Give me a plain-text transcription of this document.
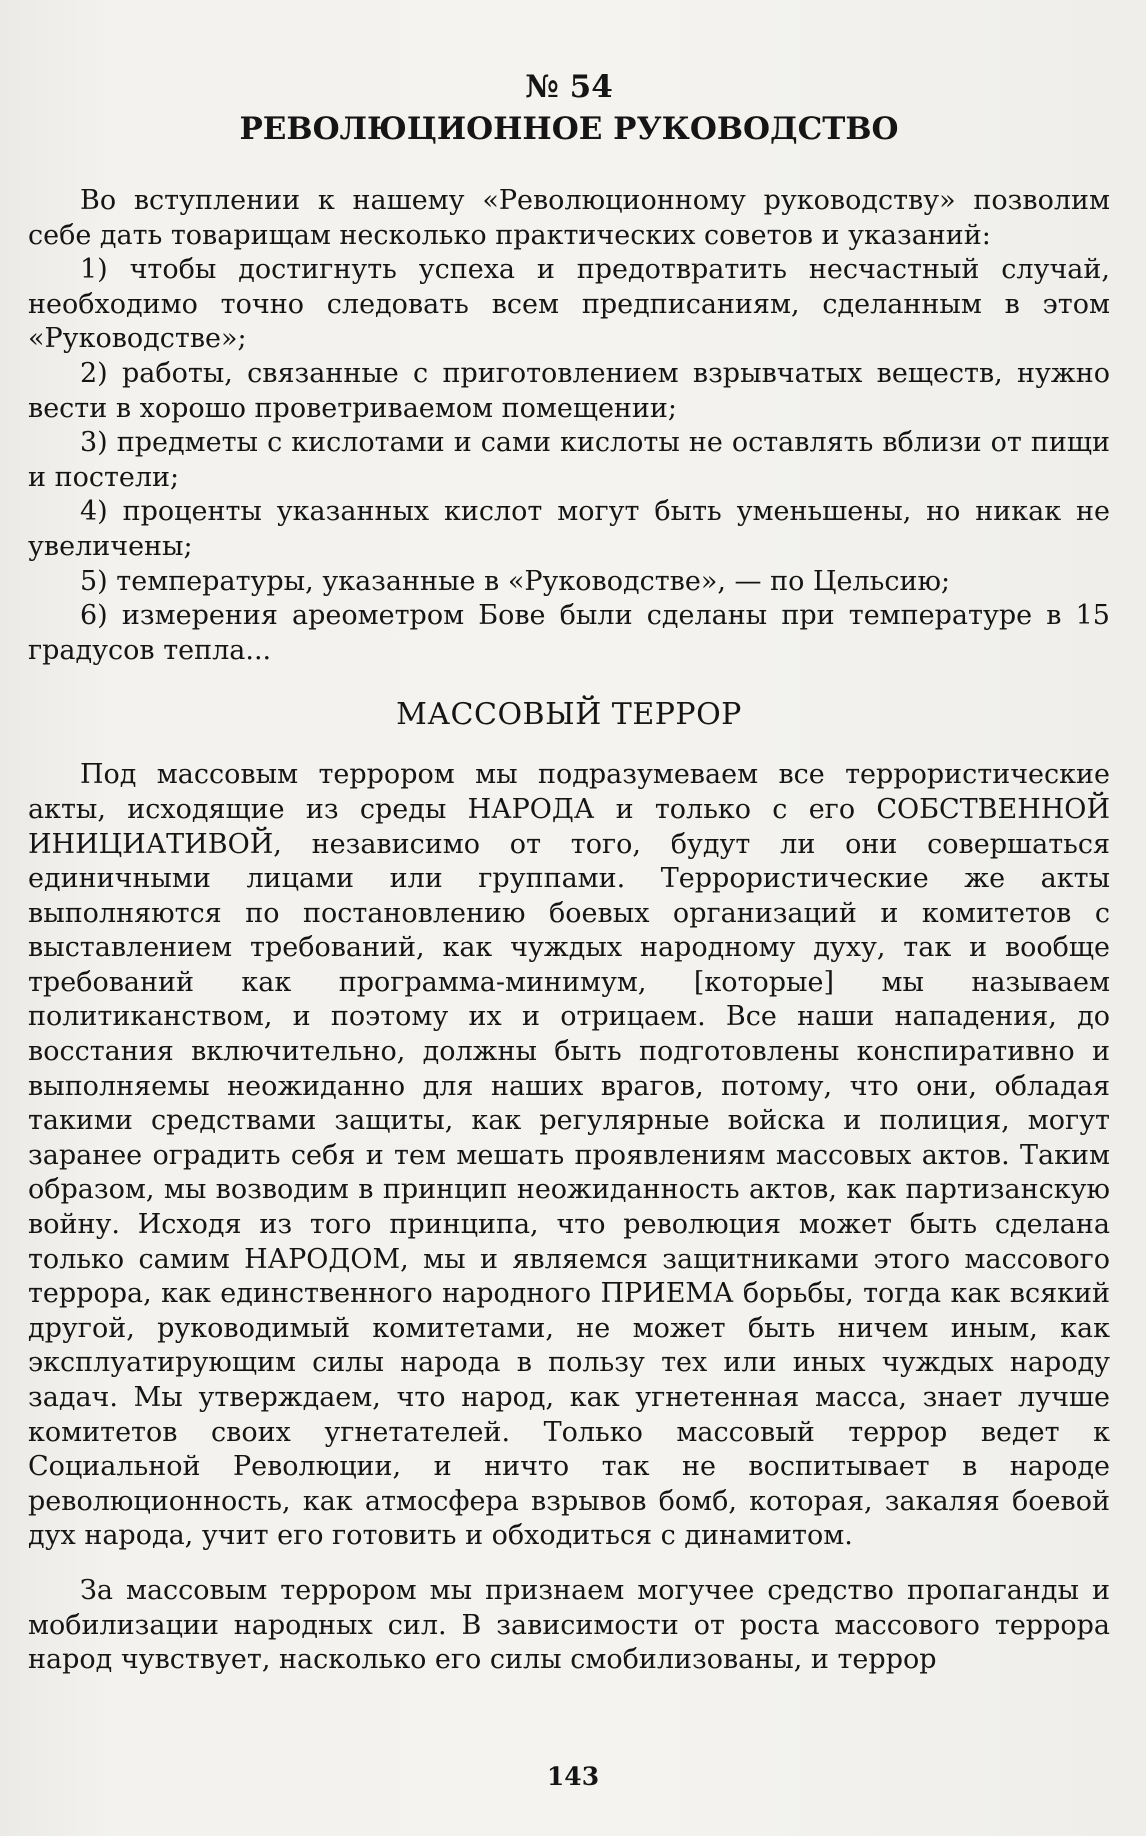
№ 54
РЕВОЛЮЦИОННОЕ РУКОВОДСТВО

Во вступлении к нашему «Революционному руководству» позволим себе дать товарищам несколько практических советов и указаний:

1) чтобы достигнуть успеха и предотвратить несчастный случай, необходимо точно следовать всем предписаниям, сделанным в этом «Руководстве»;

2) работы, связанные с приготовлением взрывчатых веществ, нужно вести в хорошо проветриваемом помещении;

3) предметы с кислотами и сами кислоты не оставлять вблизи от пищи и постели;

4) проценты указанных кислот могут быть уменьшены, но никак не увеличены;

5) температуры, указанные в «Руководстве», — по Цельсию;

6) измерения ареометром Бове были сделаны при температуре в 15 градусов тепла...

МАССОВЫЙ ТЕРРОР

Под массовым террором мы подразумеваем все террористические акты, исходящие из среды НАРОДА и только с его СОБСТВЕННОЙ ИНИЦИАТИВОЙ, независимо от того, будут ли они совершаться единичными лицами или группами. Террористические же акты выполняются по постановлению боевых организаций и комитетов с выставлением требований, как чуждых народному духу, так и вообще требований как программа-минимум, [которые] мы называем политиканством, и поэтому их и отрицаем. Все наши нападения, до восстания включительно, должны быть подготовлены конспиративно и выполняемы неожиданно для наших врагов, потому, что они, обладая такими средствами защиты, как регулярные войска и полиция, могут заранее оградить себя и тем мешать проявлениям массовых актов. Таким образом, мы возводим в принцип неожиданность актов, как партизанскую войну. Исходя из того принципа, что революция может быть сделана только самим НАРОДОМ, мы и являемся защитниками этого массового террора, как единственного народного ПРИЕМА борьбы, тогда как всякий другой, руководимый комитетами, не может быть ничем иным, как эксплуатирующим силы народа в пользу тех или иных чуждых народу задач. Мы утверждаем, что народ, как угнетенная масса, знает лучше комитетов своих угнетателей. Только массовый террор ведет к Социальной Революции, и ничто так не воспитывает в народе революционность, как атмосфера взрывов бомб, которая, закаляя боевой дух народа, учит его готовить и обходиться с динамитом.

За массовым террором мы признаем могучее средство пропаганды и мобилизации народных сил. В зависимости от роста массового террора народ чувствует, насколько его силы смобилизованы, и террор

143
